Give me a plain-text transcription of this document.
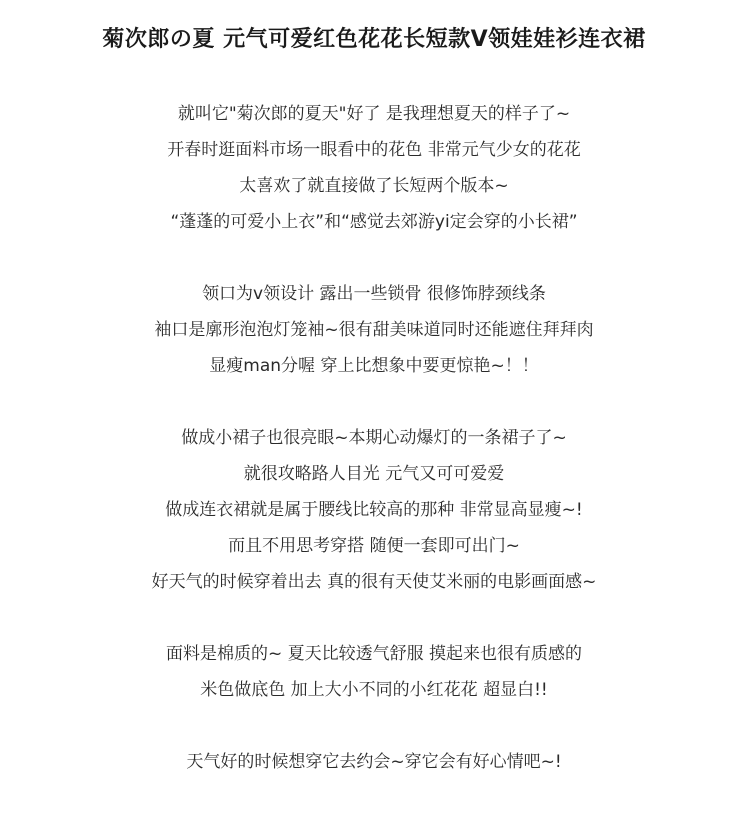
菊次郎の夏 元气可爱红色花花长短款V领娃娃衫连衣裙
就叫它"菊次郎的夏天"好了 是我理想夏天的样子了~
开春时逛面料市场一眼看中的花色 非常元气少女的花花
太喜欢了就直接做了长短两个版本~
“蓬蓬的可爱小上衣”和“感觉去郊游yi定会穿的小长裙”
领口为v领设计 露出一些锁骨 很修饰脖颈线条
袖口是廓形泡泡灯笼袖~很有甜美味道同时还能遮住拜拜肉
显瘦man分喔 穿上比想象中要更惊艳~！！
做成小裙子也很亮眼~本期心动爆灯的一条裙子了~
就很攻略路人目光 元气又可可爱爱
做成连衣裙就是属于腰线比较高的那种 非常显高显瘦~!
而且不用思考穿搭 随便一套即可出门~
好天气的时候穿着出去 真的很有天使艾米丽的电影画面感~
面料是棉质的~ 夏天比较透气舒服 摸起来也很有质感的
米色做底色 加上大小不同的小红花花 超显白!!
天气好的时候想穿它去约会~穿它会有好心情吧~!
